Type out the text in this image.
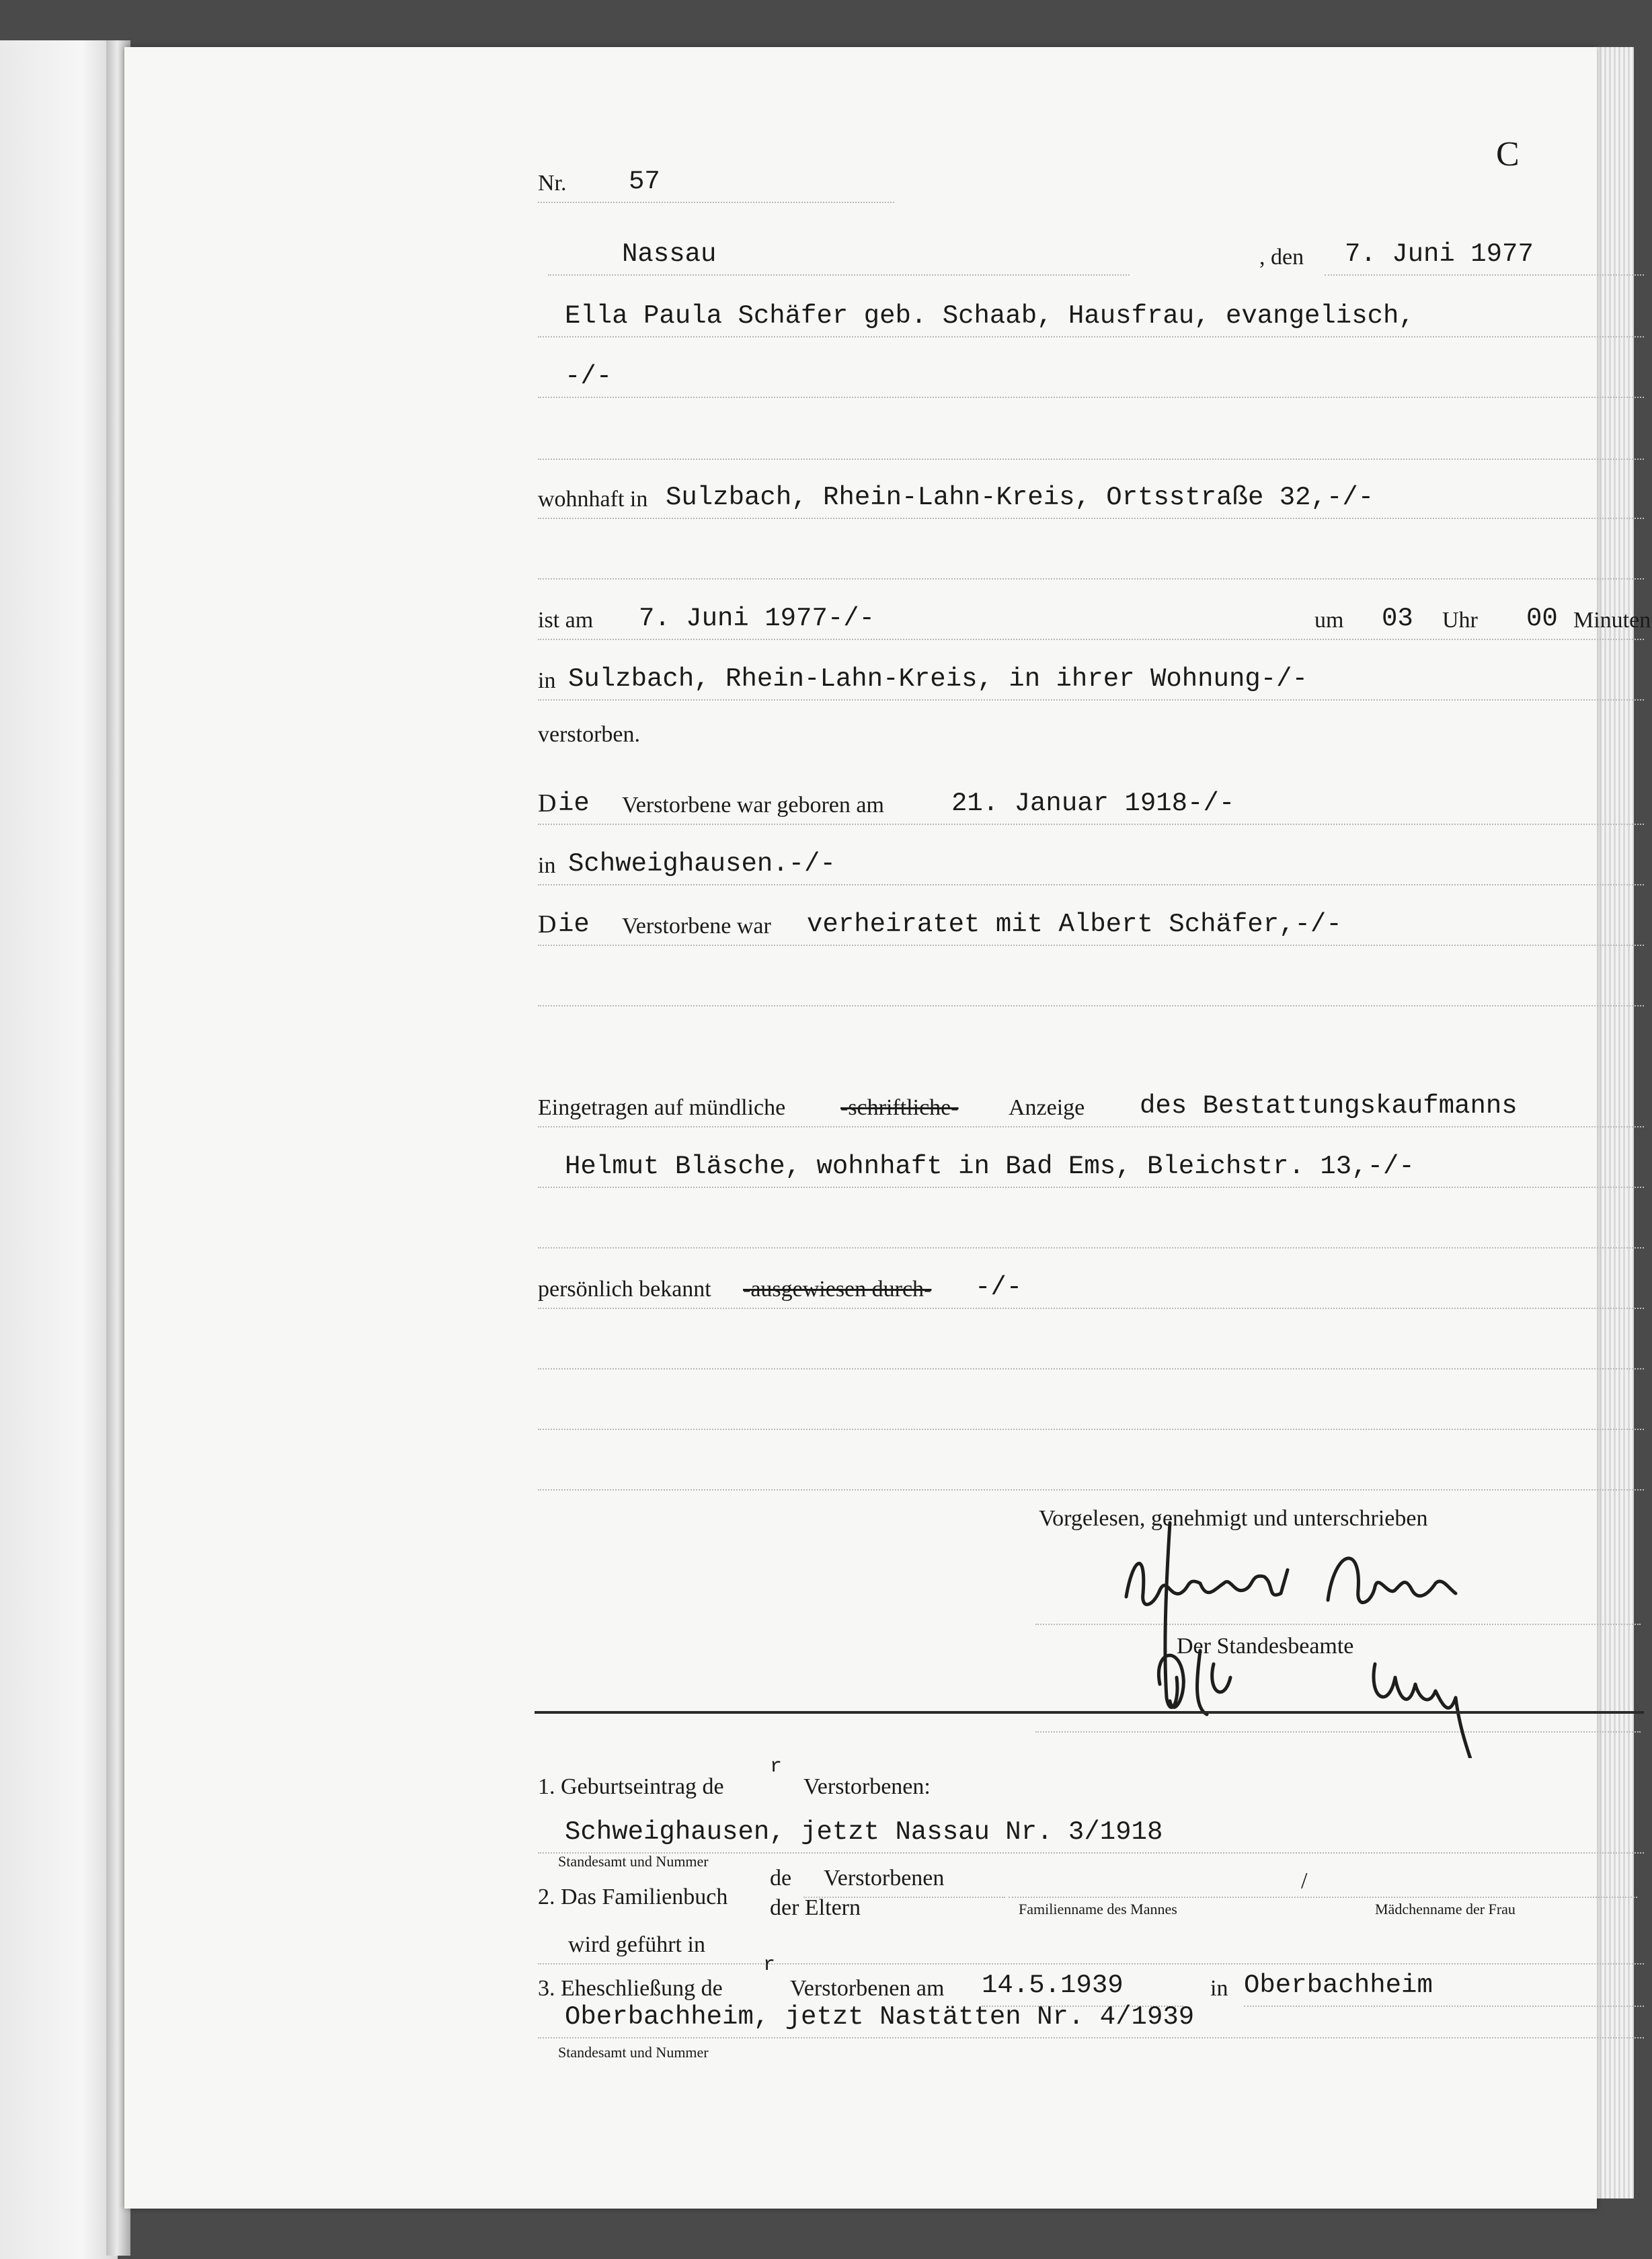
Nr. 57
C
Nassau	, den 7. Juni 1977
Ella Paula Schäfer geb. Schaab, Hausfrau, evangelisch,
-/-
wohnhaft in Sulzbach, Rhein-Lahn-Kreis, Ortsstraße 32,-/-
ist am 7. Juni 1977-/-	um 03 Uhr 00 Minuten
in Sulzbach, Rhein-Lahn-Kreis, in ihrer Wohnung-/-
verstorben.
D ie Verstorbene war geboren am	21. Januar 1918-/-
in Schweighausen.-/-
D ie Verstorbene war verheiratet mit Albert Schäfer,-/-
Eingetragen auf mündliche -schriftliche- Anzeige des Bestattungskaufmanns
Helmut Bläsche, wohnhaft in Bad Ems, Bleichstr. 13,-/-
persönlich bekannt -ausgewiesen durch- -/-
Vorgelesen, genehmigt und unterschrieben
Der Standesbeamte
1. Geburtseintrag de
r
Verstorbenen:
Schweighausen, jetzt Nassau Nr. 3/1918
Standesamt und Nummer
2. Das Familienbuch
de Verstorbenen	/
der Eltern	Familienname des Mannes	Mädchenname der Frau
wird geführt in
3. Eheschließung de
r
Verstorbenen am 14.5.1939	in Oberbachheim
Oberbachheim, jetzt Nastätten Nr. 4/1939
Standesamt und Nummer
